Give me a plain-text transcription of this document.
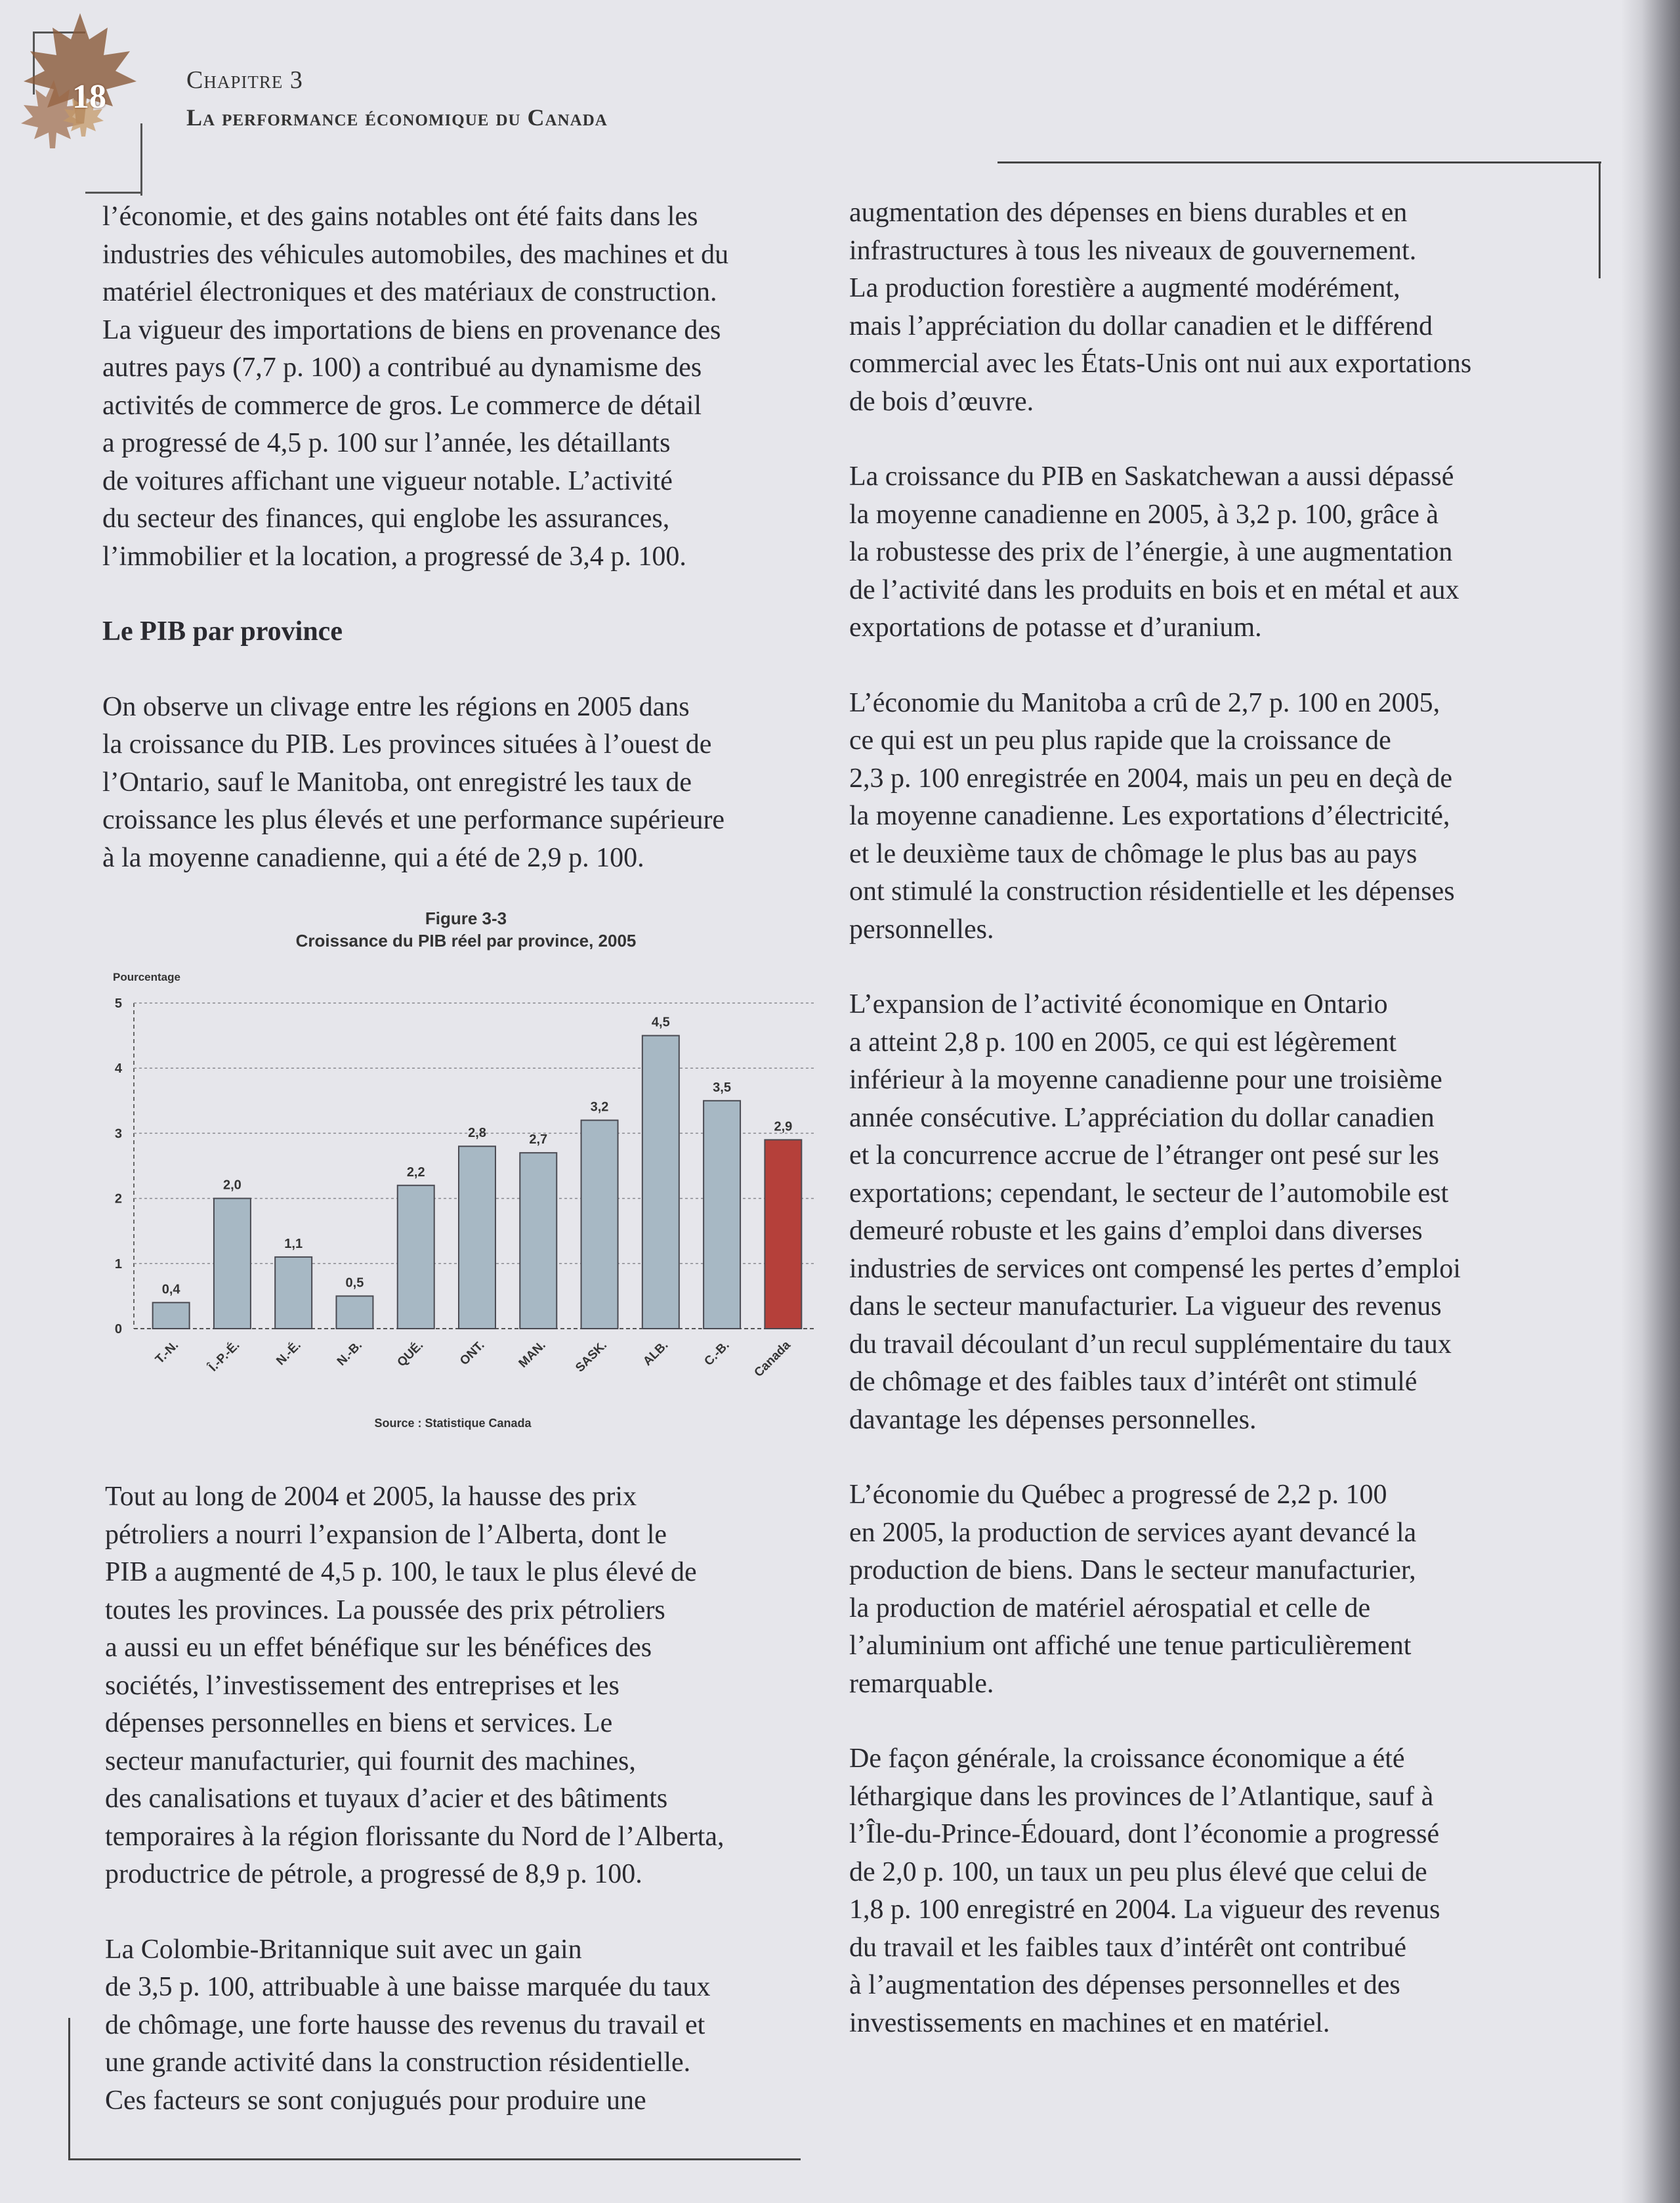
18	Chapitre 3
La performance économique du Canada
l’économie, et des gains notables ont été faits dans les
industries des véhicules automobiles, des machines et du
matériel électroniques et des matériaux de construction.
La vigueur des importations de biens en provenance des
autres pays (7,7 p. 100) a contribué au dynamisme des
activités de commerce de gros. Le commerce de détail
a progressé de 4,5 p. 100 sur l’année, les détaillants
de voitures affichant une vigueur notable. L’activité
du secteur des finances, qui englobe les assurances,
l’immobilier et la location, a progressé de 3,4 p. 100.
Le PIB par province
On observe un clivage entre les régions en 2005 dans
la croissance du PIB. Les provinces situées à l’ouest de
l’Ontario, sauf le Manitoba, ont enregistré les taux de
croissance les plus élevés et une performance supérieure
à la moyenne canadienne, qui a été de 2,9 p. 100.
Figure 3-3
Croissance du PIB réel par province, 2005
Pourcentage
0
1
2
3
4
5
0,4
2,0
1,1
0,5
2,2
2,8	2,7
3,2
4,5
3,5
2,9
T.-N. Î.-P.-É.	N.-É. N.-B. QUÉ.	ONT. MAN. SASK. ALB. C.-B. Canada
Source : Statistique Canada
Tout au long de 2004 et 2005, la hausse des prix
pétroliers a nourri l’expansion de l’Alberta, dont le
PIB a augmenté de 4,5 p. 100, le taux le plus élevé de
toutes les provinces. La poussée des prix pétroliers
a aussi eu un effet bénéfique sur les bénéfices des
sociétés, l’investissement des entreprises et les
dépenses personnelles en biens et services. Le
secteur manufacturier, qui fournit des machines,
des canalisations et tuyaux d’acier et des bâtiments
temporaires à la région florissante du Nord de l’Alberta,
productrice de pétrole, a progressé de 8,9 p. 100.
La Colombie-Britannique suit avec un gain
de 3,5 p. 100, attribuable à une baisse marquée du taux
de chômage, une forte hausse des revenus du travail et
une grande activité dans la construction résidentielle.
Ces facteurs se sont conjugués pour produire une
augmentation des dépenses en biens durables et en
infrastructures à tous les niveaux de gouvernement.
La production forestière a augmenté modérément,
mais l’appréciation du dollar canadien et le différend
commercial avec les États-Unis ont nui aux exportations
de bois d’œuvre.
La croissance du PIB en Saskatchewan a aussi dépassé
la moyenne canadienne en 2005, à 3,2 p. 100, grâce à
la robustesse des prix de l’énergie, à une augmentation
de l’activité dans les produits en bois et en métal et aux
exportations de potasse et d’uranium.
L’économie du Manitoba a crû de 2,7 p. 100 en 2005,
ce qui est un peu plus rapide que la croissance de
2,3 p. 100 enregistrée en 2004, mais un peu en deçà de
la moyenne canadienne. Les exportations d’électricité,
et le deuxième taux de chômage le plus bas au pays
ont stimulé la construction résidentielle et les dépenses
personnelles.
L’expansion de l’activité économique en Ontario
a atteint 2,8 p. 100 en 2005, ce qui est légèrement
inférieur à la moyenne canadienne pour une troisième
année consécutive. L’appréciation du dollar canadien
et la concurrence accrue de l’étranger ont pesé sur les
exportations; cependant, le secteur de l’automobile est
demeuré robuste et les gains d’emploi dans diverses
industries de services ont compensé les pertes d’emploi
dans le secteur manufacturier. La vigueur des revenus
du travail découlant d’un recul supplémentaire du taux
de chômage et des faibles taux d’intérêt ont stimulé
davantage les dépenses personnelles.
L’économie du Québec a progressé de 2,2 p. 100
en 2005, la production de services ayant devancé la
production de biens. Dans le secteur manufacturier,
la production de matériel aérospatial et celle de
l’aluminium ont affiché une tenue particulièrement
remarquable.
De façon générale, la croissance économique a été
léthargique dans les provinces de l’Atlantique, sauf à
l’Île-du-Prince-Édouard, dont l’économie a progressé
de 2,0 p. 100, un taux un peu plus élevé que celui de
1,8 p. 100 enregistré en 2004. La vigueur des revenus
du travail et les faibles taux d’intérêt ont contribué
à l’augmentation des dépenses personnelles et des
investissements en machines et en matériel.
